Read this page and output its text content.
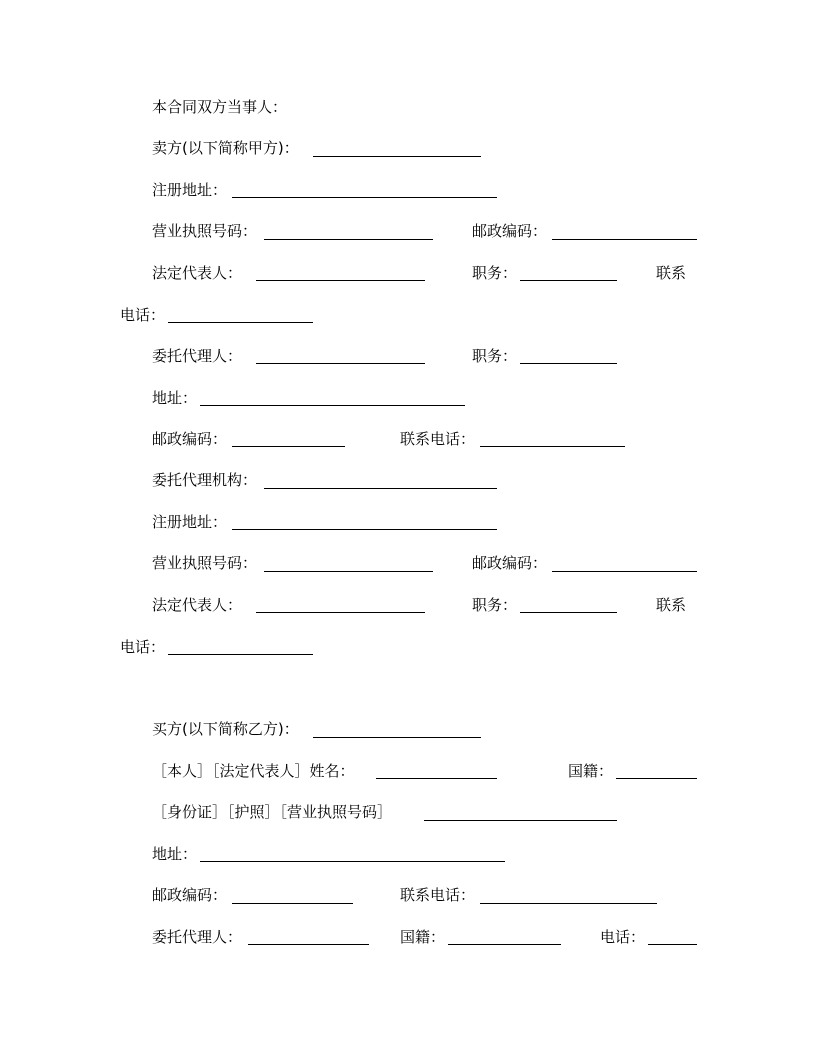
本合同双方当事人：
卖方(以下简称甲方)：
注册地址：
营业执照号码：	邮政编码：
法定代表人：	职务：	联系
电话：
委托代理人：	职务：
地址：
邮政编码：	联系电话：
委托代理机构：
注册地址：
营业执照号码：	邮政编码：
法定代表人：	职务：	联系
电话：
买方(以下简称乙方)：
［本人］［法定代表人］姓名：	国籍：
［身份证］［护照］［营业执照号码］
地址：
邮政编码：	联系电话：
委托代理人：	国籍：	电话：
